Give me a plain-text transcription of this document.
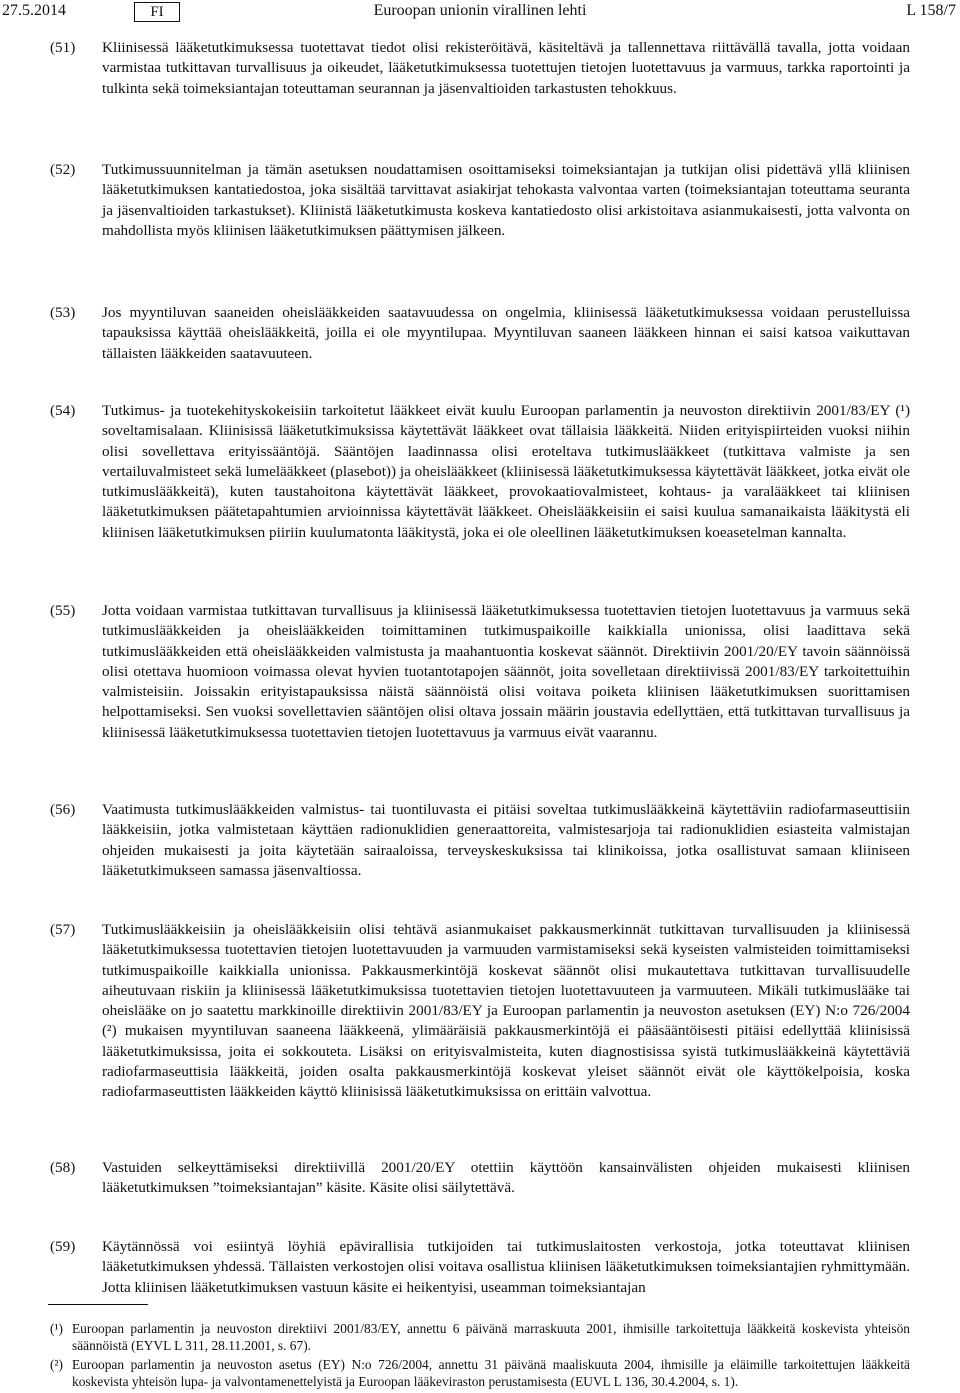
27.5.2014	FI	Euroopan unionin virallinen lehti	L 158/7
(51) Kliinisessä lääketutkimuksessa tuotettavat tiedot olisi rekisteröitävä, käsiteltävä ja tallennettava riittävällä tavalla, jotta voidaan varmistaa tutkittavan turvallisuus ja oikeudet, lääketutkimuksessa tuotettujen tietojen luotettavuus ja varmuus, tarkka raportointi ja tulkinta sekä toimeksiantajan toteuttaman seurannan ja jäsenvaltioiden tarkastusten tehokkuus.
(52) Tutkimussuunnitelman ja tämän asetuksen noudattamisen osoittamiseksi toimeksiantajan ja tutkijan olisi pidettävä yllä kliinisen lääketutkimuksen kantatiedostoa, joka sisältää tarvittavat asiakirjat tehokasta valvontaa varten (toimeksiantajan toteuttama seuranta ja jäsenvaltioiden tarkastukset). Kliinistä lääketutkimusta koskeva kantatiedosto olisi arkistoitava asianmukaisesti, jotta valvonta on mahdollista myös kliinisen lääketutkimuksen päättymisen jälkeen.
(53) Jos myyntiluvan saaneiden oheislääkkeiden saatavuudessa on ongelmia, kliinisessä lääketutkimuksessa voidaan perustelluissa tapauksissa käyttää oheislääkkeitä, joilla ei ole myyntilupaa. Myyntiluvan saaneen lääkkeen hinnan ei saisi katsoa vaikuttavan tällaisten lääkkeiden saatavuuteen.
(54) Tutkimus- ja tuotekehityskokeisiin tarkoitetut lääkkeet eivät kuulu Euroopan parlamentin ja neuvoston direktiivin 2001/83/EY (¹) soveltamisalaan. Kliinisissä lääketutkimuksissa käytettävät lääkkeet ovat tällaisia lääkkeitä. Niiden erityispiirteiden vuoksi niihin olisi sovellettava erityissääntöjä. Sääntöjen laadinnassa olisi eroteltava tutkimuslääkkeet (tutkittava valmiste ja sen vertailuvalmisteet sekä lumelääkkeet (plasebot)) ja oheislääkkeet (kliinisessä lääketutkimuksessa käytettävät lääkkeet, jotka eivät ole tutkimuslääkkeitä), kuten taustahoitona käytettävät lääkkeet, provokaatiovalmisteet, kohtaus- ja varalääkkeet tai kliinisen lääketutkimuksen päätetapahtumien arvioinnissa käytettävät lääkkeet. Oheislääkkeisiin ei saisi kuulua samanaikaista lääkitystä eli kliinisen lääketutkimuksen piiriin kuulumatonta lääkitystä, joka ei ole oleellinen lääketutkimuksen koeasetelman kannalta.
(55) Jotta voidaan varmistaa tutkittavan turvallisuus ja kliinisessä lääketutkimuksessa tuotettavien tietojen luotettavuus ja varmuus sekä tutkimuslääkkeiden ja oheislääkkeiden toimittaminen tutkimuspaikoille kaikkialla unionissa, olisi laadittava sekä tutkimuslääkkeiden että oheislääkkeiden valmistusta ja maahantuontia koskevat säännöt. Direktiivin 2001/20/EY tavoin säännöissä olisi otettava huomioon voimassa olevat hyvien tuotantotapojen säännöt, joita sovelletaan direktiivissä 2001/83/EY tarkoitettuihin valmisteisiin. Joissakin erityistapauksissa näistä säännöistä olisi voitava poiketa kliinisen lääketutkimuksen suorittamisen helpottamiseksi. Sen vuoksi sovellettavien sääntöjen olisi oltava jossain määrin joustavia edellyttäen, että tutkittavan turvallisuus ja kliinisessä lääketutkimuksessa tuotettavien tietojen luotettavuus ja varmuus eivät vaarannu.
(56) Vaatimusta tutkimuslääkkeiden valmistus- tai tuontiluvasta ei pitäisi soveltaa tutkimuslääkkeinä käytettäviin radiofarmaseuttisiin lääkkeisiin, jotka valmistetaan käyttäen radionuklidien generaattoreita, valmistesarjoja tai radionuklidien esiasteita valmistajan ohjeiden mukaisesti ja joita käytetään sairaaloissa, terveyskeskuksissa tai klinikoissa, jotka osallistuvat samaan kliiniseen lääketutkimukseen samassa jäsenvaltiossa.
(57) Tutkimuslääkkeisiin ja oheislääkkeisiin olisi tehtävä asianmukaiset pakkausmerkinnät tutkittavan turvallisuuden ja kliinisessä lääketutkimuksessa tuotettavien tietojen luotettavuuden ja varmuuden varmistamiseksi sekä kyseisten valmisteiden toimittamiseksi tutkimuspaikoille kaikkialla unionissa. Pakkausmerkintöjä koskevat säännöt olisi mukautettava tutkittavan turvallisuudelle aiheutuvaan riskiin ja kliinisessä lääketutkimuksissa tuotettavien tietojen luotettavuuteen ja varmuuteen. Mikäli tutkimuslääke tai oheislääke on jo saatettu markkinoille direktiivin 2001/83/EY ja Euroopan parlamentin ja neuvoston asetuksen (EY) N:o 726/2004 (²) mukaisen myyntiluvan saaneena lääkkeenä, ylimääräisiä pakkausmerkintöjä ei pääsääntöisesti pitäisi edellyttää kliinisissä lääketutkimuksissa, joita ei sokkouteta. Lisäksi on erityisvalmisteita, kuten diagnostisissa syistä tutkimuslääkkeinä käytettäviä radiofarmaseuttisia lääkkeitä, joiden osalta pakkausmerkintöjä koskevat yleiset säännöt eivät ole käyttökelpoisia, koska radiofarmaseuttisten lääkkeiden käyttö kliinisissä lääketutkimuksissa on erittäin valvottua.
(58) Vastuiden selkeyttämiseksi direktiivillä 2001/20/EY otettiin käyttöön kansainvälisten ohjeiden mukaisesti kliinisen lääketutkimuksen ”toimeksiantajan” käsite. Käsite olisi säilytettävä.
(59) Käytännössä voi esiintyä löyhiä epävirallisia tutkijoiden tai tutkimuslaitosten verkostoja, jotka toteuttavat kliinisen lääketutkimuksen yhdessä. Tällaisten verkostojen olisi voitava osallistua kliinisen lääketutkimuksen toimeksiantajien ryhmittymään. Jotta kliinisen lääketutkimuksen vastuun käsite ei heikentyisi, useamman toimeksiantajan
(¹) Euroopan parlamentin ja neuvoston direktiivi 2001/83/EY, annettu 6 päivänä marraskuuta 2001, ihmisille tarkoitettuja lääkkeitä koskevista yhteisön säännöistä (EYVL L 311, 28.11.2001, s. 67).
(²) Euroopan parlamentin ja neuvoston asetus (EY) N:o 726/2004, annettu 31 päivänä maaliskuuta 2004, ihmisille ja eläimille tarkoitettujen lääkkeitä koskevista yhteisön lupa- ja valvontamenettelyistä ja Euroopan lääkeviraston perustamisesta (EUVL L 136, 30.4.2004, s. 1).
